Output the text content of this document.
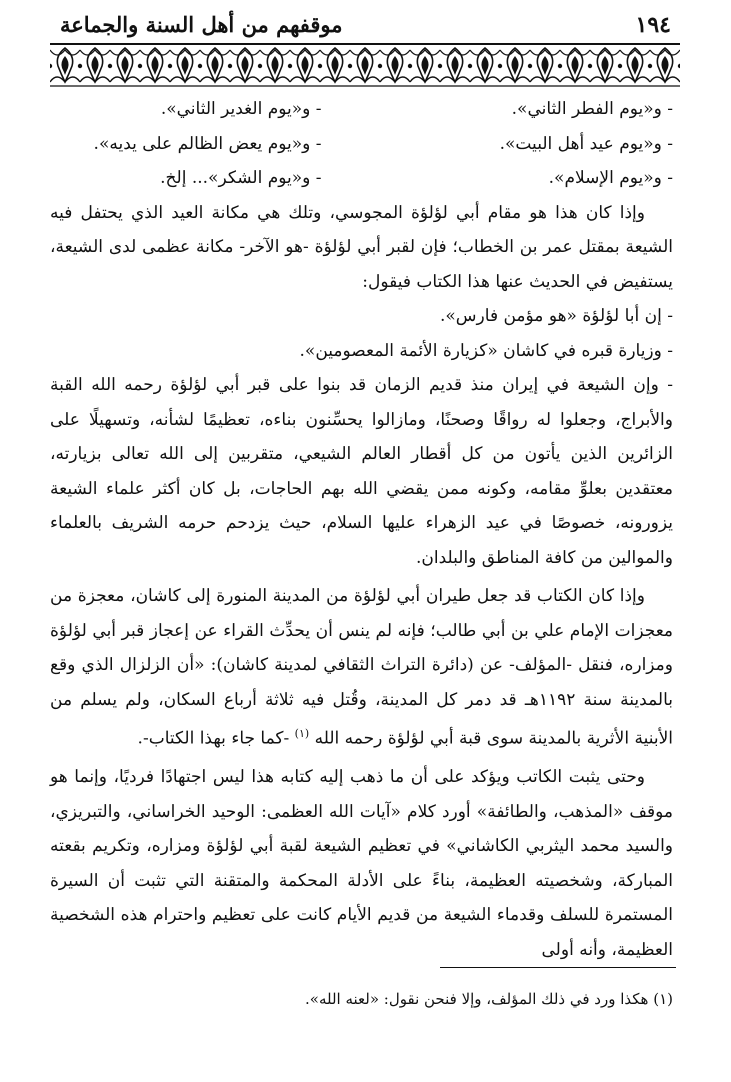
١٩٤
موقفهم من أهل السنة والجماعة
- و«يوم الفطر الثاني».
- و«يوم الغدير الثاني».
- و«يوم عيد أهل البيت».
- و«يوم يعض الظالم على يديه».
- و«يوم الإسلام».
- و«يوم الشكر»... إلخ.

وإذا كان هذا هو مقام أبي لؤلؤة المجوسي، وتلك هي مكانة العيد الذي يحتفل فيه الشيعة بمقتل عمر بن الخطاب؛ فإن لقبر أبي لؤلؤة -هو الآخر- مكانة عظمى لدى الشيعة، يستفيض في الحديث عنها هذا الكتاب فيقول:

- إن أبا لؤلؤة «هو مؤمن فارس».

- وزيارة قبره في كاشان «كزيارة الأئمة المعصومين».

- وإن الشيعة في إيران منذ قديم الزمان قد بنوا على قبر أبي لؤلؤة رحمه الله القبة والأبراج، وجعلوا له رواقًا وصحنًا، ومازالوا يحسِّنون بناءه، تعظيمًا لشأنه، وتسهيلًا على الزائرين الذين يأتون من كل أقطار العالم الشيعي، متقربين إلى الله تعالى بزيارته، معتقدين بعلوِّ مقامه، وكونه ممن يقضي الله بهم الحاجات، بل كان أكثر علماء الشيعة يزورونه، خصوصًا في عيد الزهراء عليها السلام، حيث يزدحم حرمه الشريف بالعلماء والموالين من كافة المناطق والبلدان.

وإذا كان الكتاب قد جعل طيران أبي لؤلؤة من المدينة المنورة إلى كاشان، معجزة من معجزات الإمام علي بن أبي طالب؛ فإنه لم ينس أن يحدِّث القراء عن إعجاز قبر أبي لؤلؤة ومزاره، فنقل -المؤلف- عن (دائرة التراث الثقافي لمدينة كاشان): «أن الزلزال الذي وقع بالمدينة سنة ١١٩٢هـ قد دمر كل المدينة، وقُتل فيه ثلاثة أرباع السكان، ولم يسلم من الأبنية الأثرية بالمدينة سوى قبة أبي لؤلؤة رحمه الله $^{(١)}$ -كما جاء بهذا الكتاب-.

وحتى يثبت الكاتب ويؤكد على أن ما ذهب إليه كتابه هذا ليس اجتهادًا فرديًا، وإنما هو موقف «المذهب، والطائفة» أورد كلام «آيات الله العظمى: الوحيد الخراساني، والتبريزي، والسيد محمد اليثربي الكاشاني» في تعظيم الشيعة لقبة أبي لؤلؤة ومزاره، وتكريم بقعته المباركة، وشخصيته العظيمة، بناءً على الأدلة المحكمة والمتقنة التي تثبت أن السيرة المستمرة للسلف وقدماء الشيعة من قديم الأيام كانت على تعظيم واحترام هذه الشخصية العظيمة، وأنه أولى

(١) هكذا ورد في ذلك المؤلف، وإلا فنحن نقول: «لعنه الله».
